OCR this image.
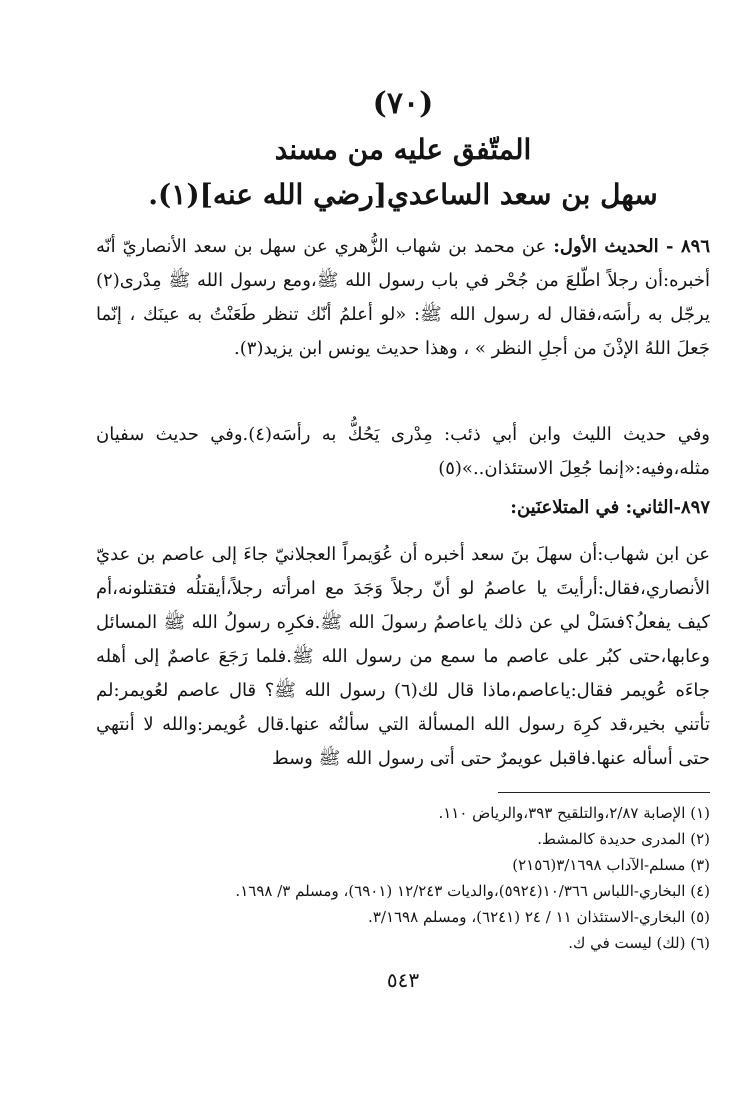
(٧٠)
المتّفق عليه من مسند
سهل بن سعد الساعدي[رضي الله عنه](١).

٨٩٦ - الحديث الأول: عن محمد بن شهاب الزُّهري عن سهل بن سعد الأنصاريّ أنّه أخبره:أن رجلاً اطّلعَ من جُحْر في باب رسول الله ﷺ،ومع رسول الله ﷺ مِدْرى(٢) يرجّل به رأسَه،فقال له رسول الله ﷺ: «لو أعلمُ أنّك تنظر طَعَنْتُ به عينَك ، إنّما جَعلَ اللهُ الإذْنَ من أجلِ النظر » ، وهذا حديث يونس ابن يزيد(٣).

وفي حديث الليث وابن أبي ذئب: مِدْرى يَحُكُّ به رأسَه(٤).وفي حديث سفيان مثله،وفيه:«إنما جُعِلَ الاستئذان..»(٥)

٨٩٧-الثاني: في المتلاعنَين:

عن ابن شهاب:أن سهلَ بنَ سعد أخبره أن عُوَيمراً العجلانيّ جاءَ إلى عاصم بن عديّ الأنصاري،فقال:أرأيتَ يا عاصمُ لو أنّ رجلاً وَجَدَ مع امرأته رجلاً،أيقتلُه فتقتلونه،أم كيف يفعلُ؟فسَلْ لي عن ذلك ياعاصمُ رسولَ الله ﷺ.فكرِه رسولُ الله ﷺ المسائل وعابها،حتى كبُر على عاصم ما سمع من رسول الله ﷺ.فلما رَجَعَ عاصمٌ إلى أهله جاءَه عُويمر فقال:ياعاصم،ماذا قال لك(٦) رسول الله ﷺ؟ قال عاصم لعُويمر:لم تأتني بخير،قد كرِهَ رسول الله المسألة التي سألتُه عنها.قال عُويمر:والله لا أنتهي حتى أسأله عنها.فاقبل عويمرٌ حتى أتى رسول الله ﷺ وسط

(١) الإصابة ٢/٨٧،والتلقيح ٣٩٣،والرياض ١١٠.
(٢) المدرى حديدة كالمشط.
(٣) مسلم-الآداب ٣/١٦٩٨(٢١٥٦)
(٤) البخاري-اللباس ١٠/٣٦٦(٥٩٢٤)،والديات ١٢/٢٤٣ (٦٩٠١)، ومسلم ٣/ ١٦٩٨.
(٥) البخاري-الاستئذان ١١ / ٢٤ (٦٢٤١)، ومسلم ٣/١٦٩٨.
(٦) (لك) ليست في ك.
٥٤٣
